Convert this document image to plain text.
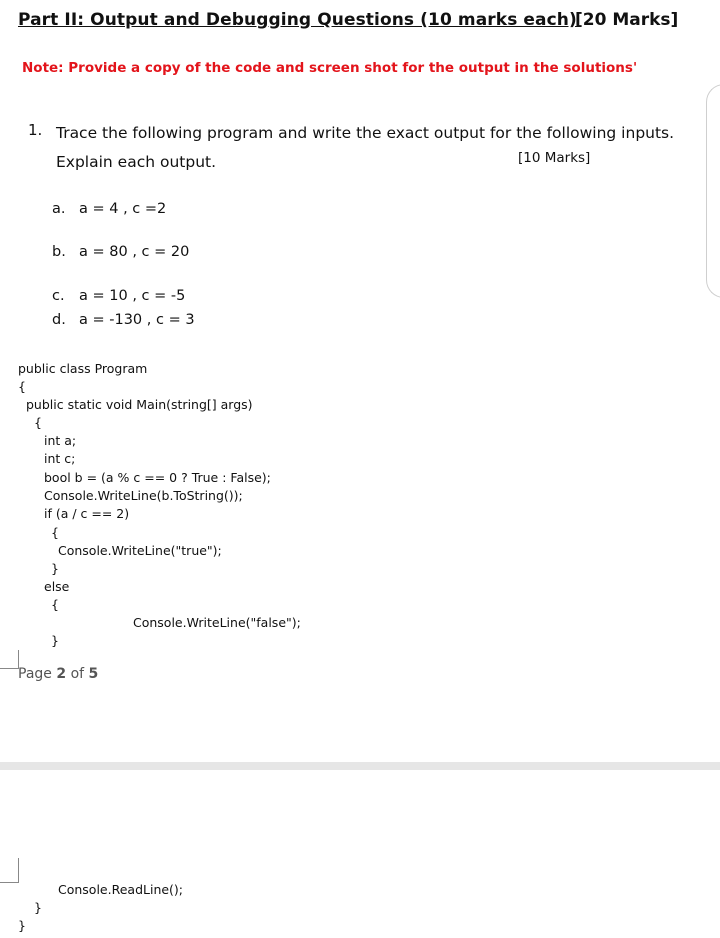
Part II: Output and Debugging Questions (10 marks each)
[20 Marks]
Note: Provide a copy of the code and screen shot for the output in the solutions'
1. Trace the following program and write the exact output for the following inputs. Explain each output.	[10 Marks]
a. a = 4 , c =2
b. a = 80 , c = 20
c. a = 10 , c = -5
d. a = -130 , c = 3
public class Program
{
public static void Main(string[] args)
{
int a;
int c;
bool b = (a % c == 0 ? True : False);
Console.WriteLine(b.ToString());
if (a / c == 2)
{
Console.WriteLine("true");
}
else
{
Console.WriteLine("false");
}
Page 2 of 5
Console.ReadLine();
}
}
